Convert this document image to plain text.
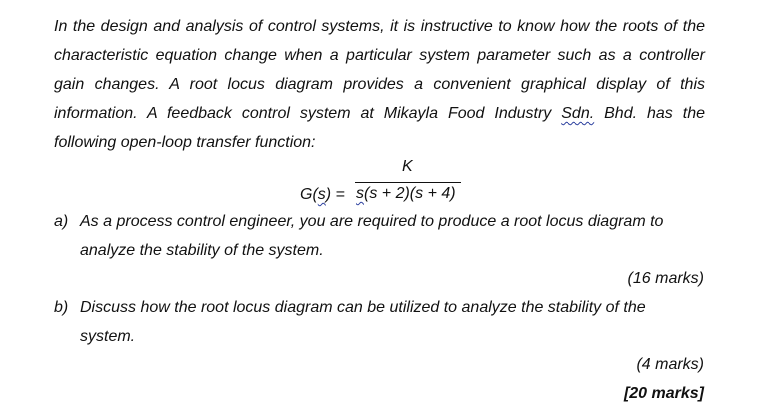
In the design and analysis of control systems, it is instructive to know how the roots of the
characteristic equation change when a particular system parameter such as a controller
gain changes. A root locus diagram provides a convenient graphical display of this
information. A feedback control system at Mikayla Food Industry Sdn. Bhd. has the
following open-loop transfer function:
K
G(s) = s(s + 2)(s + 4)
a) As a process control engineer, you are required to produce a root locus diagram to
analyze the stability of the system.
(16 marks)
b) Discuss how the root locus diagram can be utilized to analyze the stability of the
system.
(4 marks)
[20 marks]
